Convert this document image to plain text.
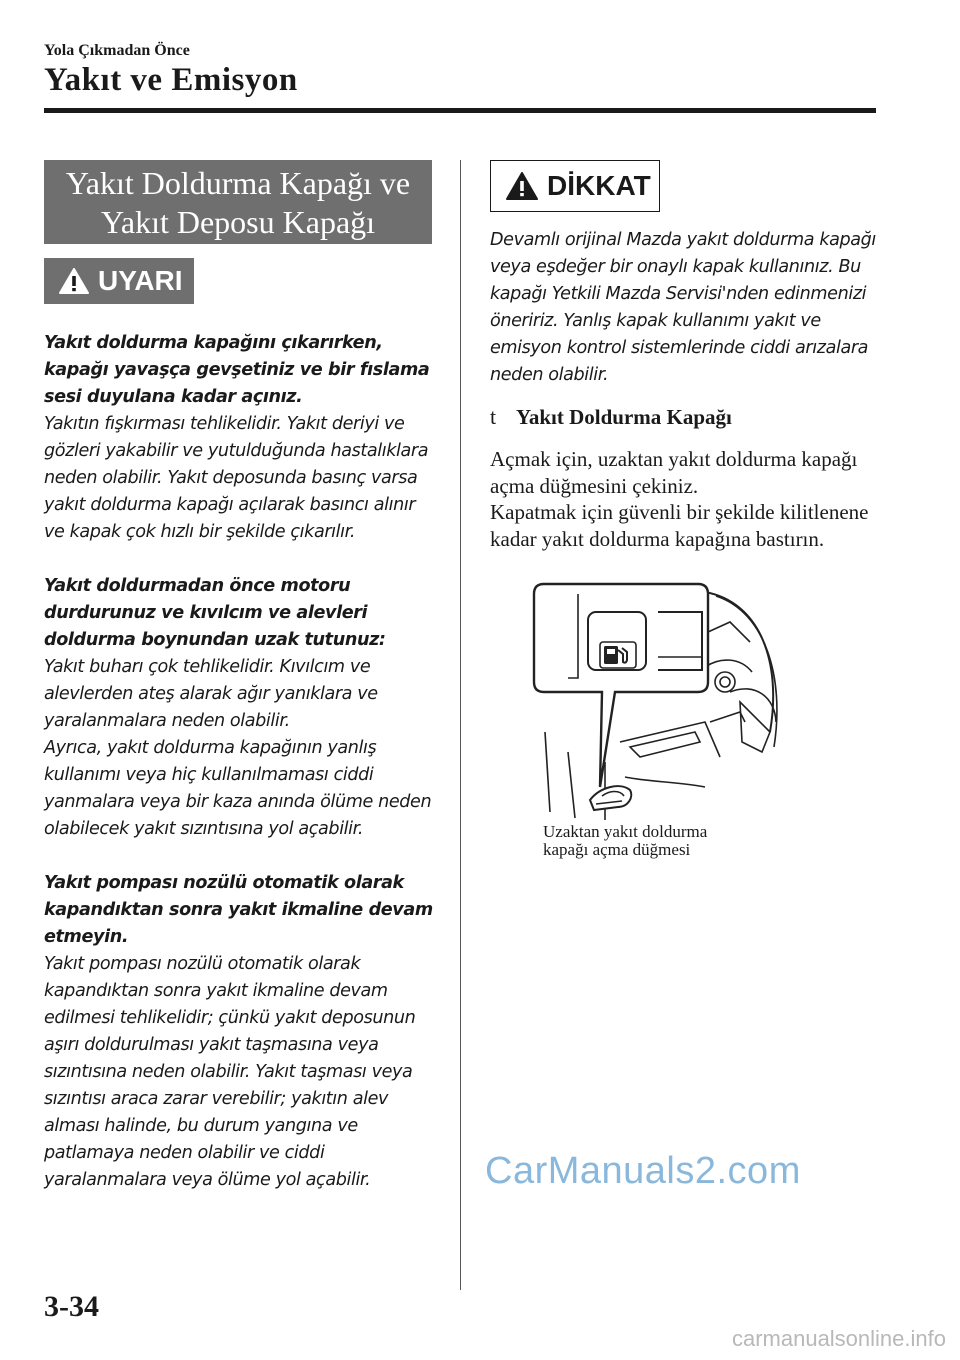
Yola Çıkmadan Önce
Yakıt ve Emisyon
Yakıt Doldurma Kapağı ve
Yakıt Deposu Kapağı
UYARI

Yakıt doldurma kapağını çıkarırken, kapağı yavaşça gevşetiniz ve bir fıslama sesi duyulana kadar açınız.

Yakıtın fışkırması tehlikelidir. Yakıt deriyi ve gözleri yakabilir ve yutulduğunda hastalıklara neden olabilir. Yakıt deposunda basınç varsa yakıt doldurma kapağı açılarak basıncı alınır ve kapak çok hızlı bir şekilde çıkarılır.

Yakıt doldurmadan önce motoru durdurunuz ve kıvılcım ve alevleri doldurma boynundan uzak tutunuz:

Yakıt buharı çok tehlikelidir. Kıvılcım ve alevlerden ateş alarak ağır yanıklara ve yaralanmalara neden olabilir.

Ayrıca, yakıt doldurma kapağının yanlış kullanımı veya hiç kullanılmaması ciddi yanmalara veya bir kaza anında ölüme neden olabilecek yakıt sızıntısına yol açabilir.

Yakıt pompası nozülü otomatik olarak kapandıktan sonra yakıt ikmaline devam etmeyin.

Yakıt pompası nozülü otomatik olarak kapandıktan sonra yakıt ikmaline devam edilmesi tehlikelidir; çünkü yakıt deposunun aşırı doldurulması yakıt taşmasına veya sızıntısına neden olabilir. Yakıt taşması veya sızıntısı araca zarar verebilir; yakıtın alev alması halinde, bu durum yangına ve patlamaya neden olabilir ve ciddi yaralanmalara veya ölüme yol açabilir.

DİKKAT

Devamlı orijinal Mazda yakıt doldurma kapağı veya eşdeğer bir onaylı kapak kullanınız. Bu kapağı Yetkili Mazda Servisi'nden edinmenizi öneririz. Yanlış kapak kullanımı yakıt ve emisyon kontrol sistemlerinde ciddi arızalara neden olabilir.

t Yakıt Doldurma Kapağı

Açmak için, uzaktan yakıt doldurma kapağı açma düğmesini çekiniz.

Kapatmak için güvenli bir şekilde kilitlenene kadar yakıt doldurma kapağına bastırın.

Uzaktan yakıt doldurma
kapağı açma düğmesi
CarManuals2.com
3-34
carmanualsonline.info
